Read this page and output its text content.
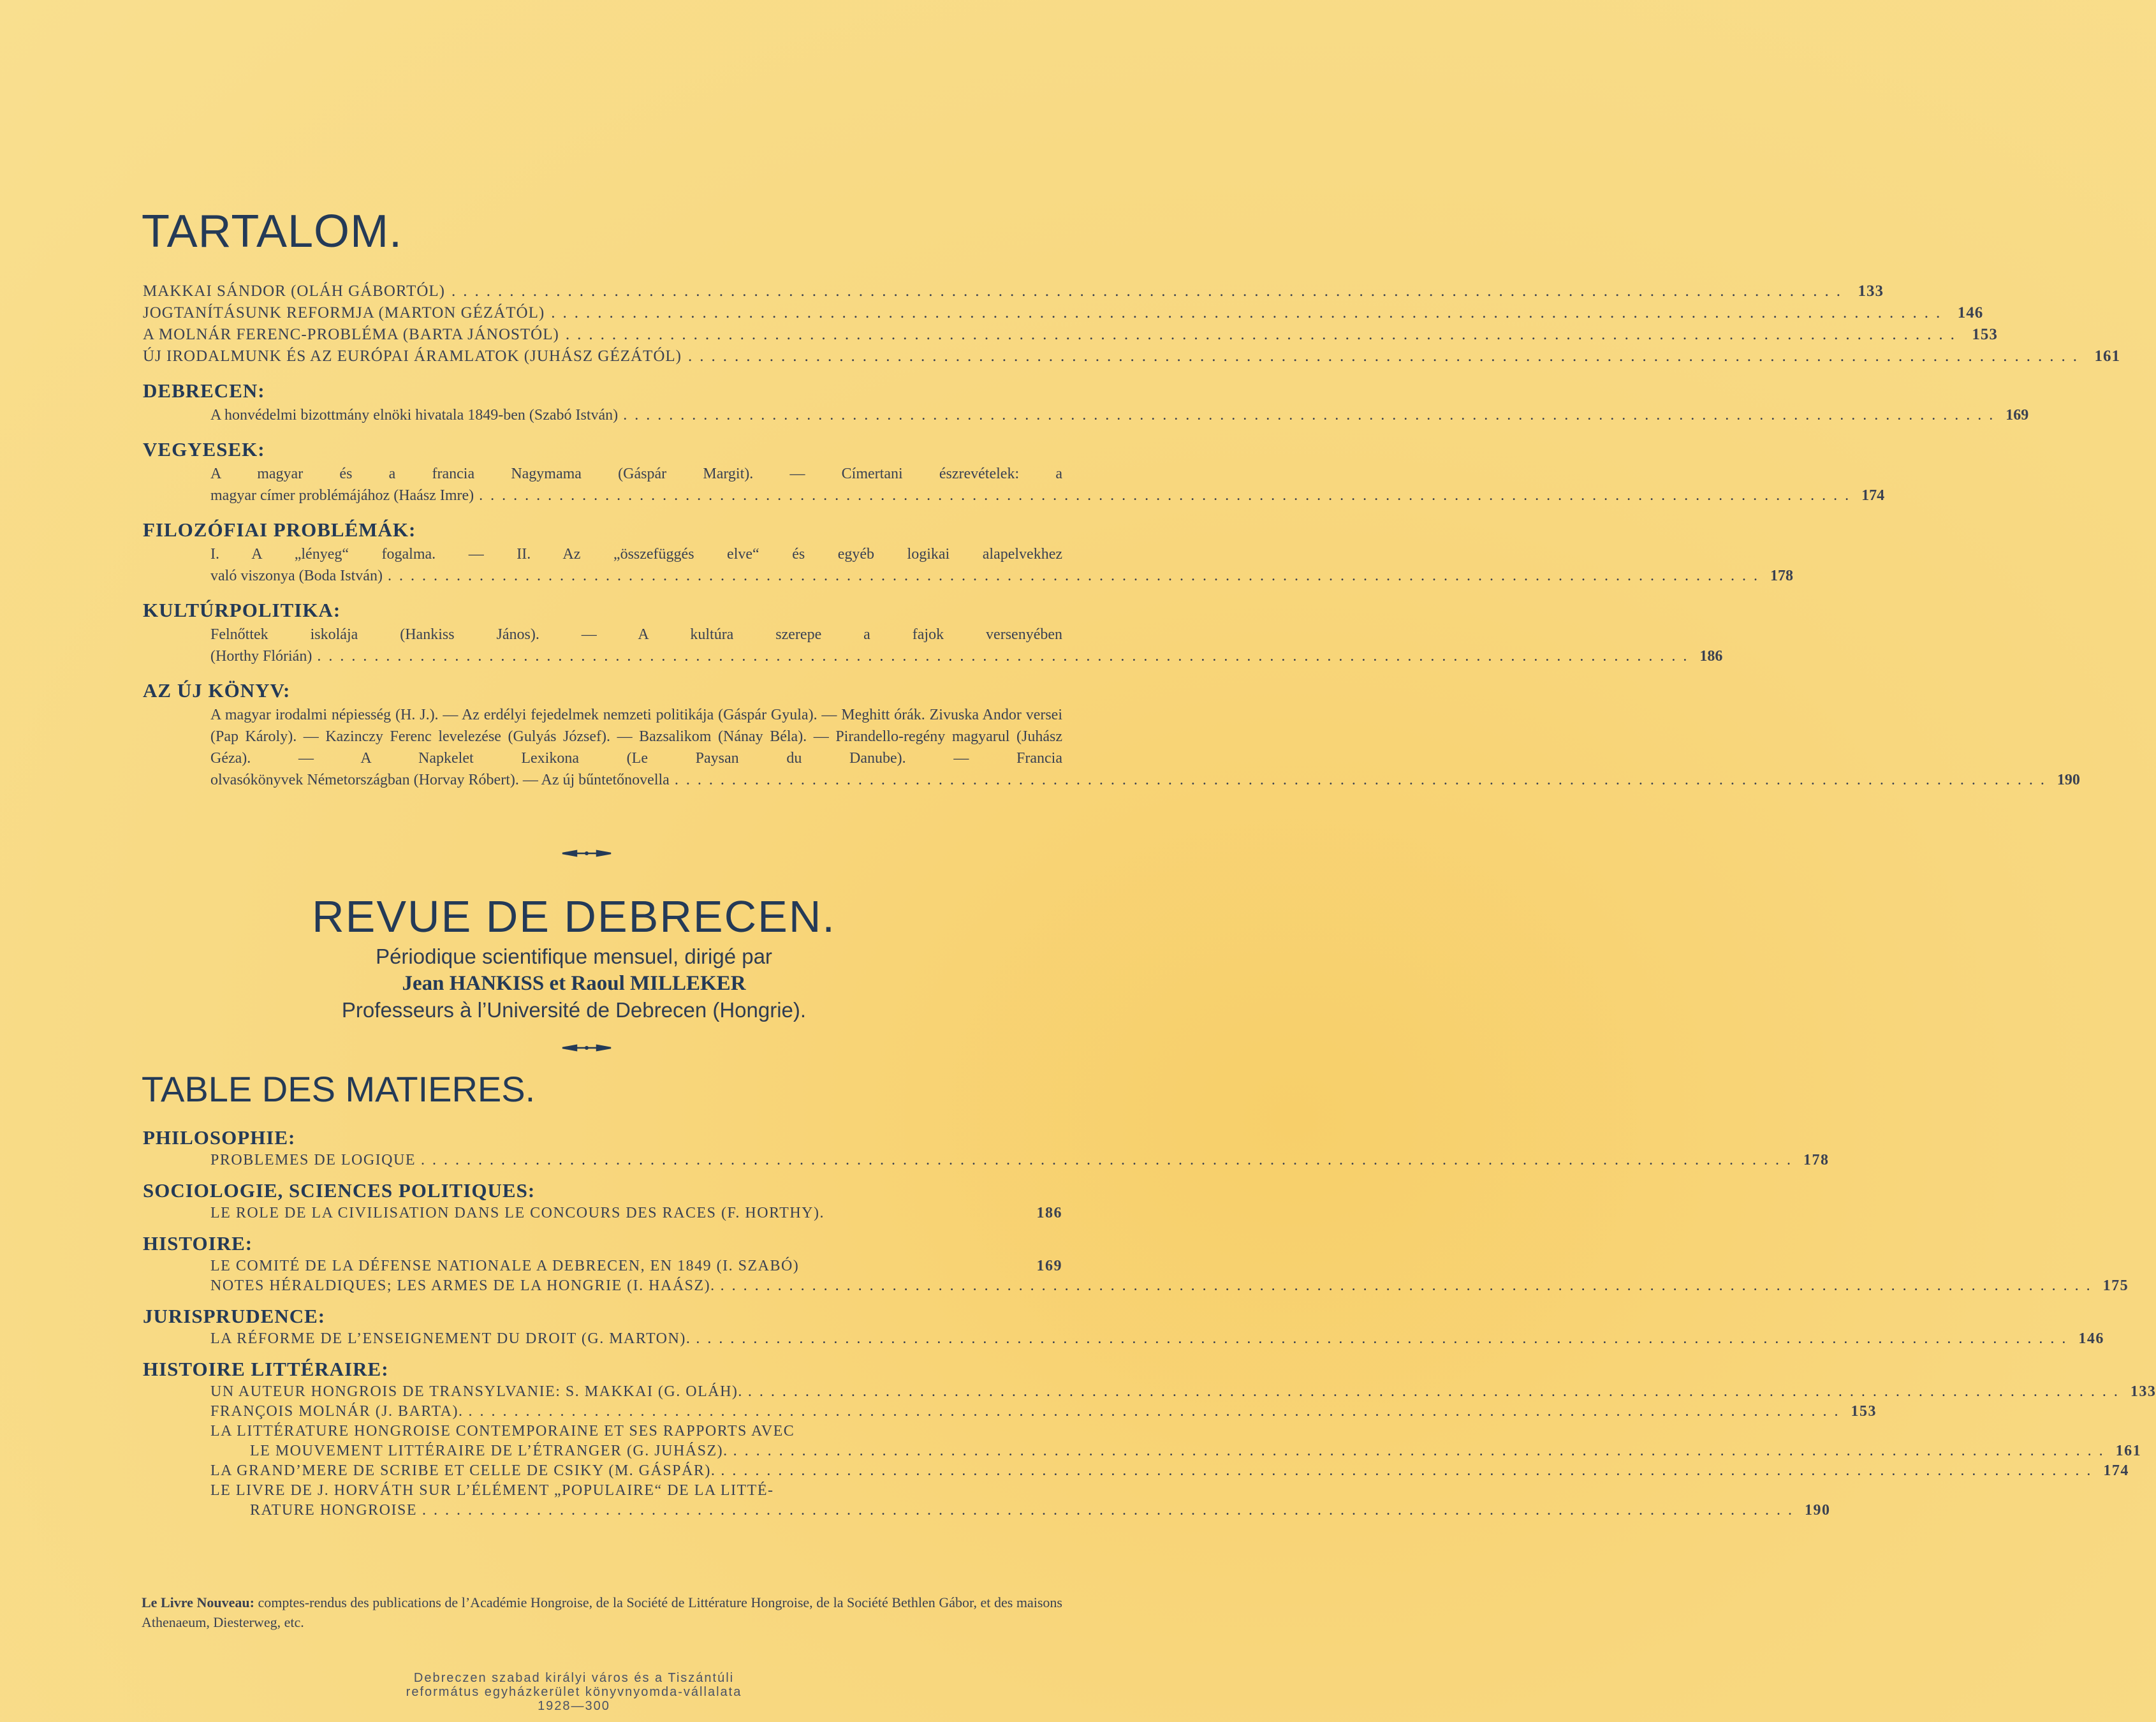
TARTALOM.
MAKKAI SÁNDOR (OLÁH GÁBORTÓL) ........................................................................................................................ 133
JOGTANÍTÁSUNK REFORMJA (MARTON GÉZÁTÓL) ........................................................................................................................ 146
A MOLNÁR FERENC-PROBLÉMA (BARTA JÁNOSTÓL) ........................................................................................................................ 153
ÚJ IRODALMUNK ÉS AZ EURÓPAI ÁRAMLATOK (JUHÁSZ GÉZÁTÓL) ........................................................................................................................ 161
DEBRECEN:
A honvédelmi bizottmány elnöki hivatala 1849-ben (Szabó István) ........................................................................................................................ 169
VEGYESEK:
A magyar és a francia Nagymama (Gáspár Margit). — Címertani észrevételek: a
magyar címer problémájához (Haász Imre) ........................................................................................................................ 174
FILOZÓFIAI PROBLÉMÁK:
I. A „lényeg“ fogalma. — II. Az „összefüggés elve“ és egyéb logikai alapelvekhez
való viszonya (Boda István) ........................................................................................................................ 178
KULTÚRPOLITIKA:
Felnőttek iskolája (Hankiss János). — A kultúra szerepe a fajok versenyében
(Horthy Flórián) ........................................................................................................................ 186
AZ ÚJ KÖNYV:
A magyar irodalmi népiesség (H. J.). — Az erdélyi fejedelmek nemzeti politikája (Gáspár Gyula). — Meghitt órák. Zivuska Andor versei (Pap Károly). — Kazinczy Ferenc levelezése (Gulyás József). — Bazsalikom (Nánay Béla). — Pirandello-regény magyarul (Juhász Géza). — A Napkelet Lexikona (Le Paysan du Danube). — Francia
olvasókönyvek Németországban (Horvay Róbert). — Az új bűntetőnovella ........................................................................................................................ 190
REVUE DE DEBRECEN.

Périodique scientifique mensuel, dirigé par

Jean HANKISS et Raoul MILLEKER

Professeurs à l’Université de Debrecen (Hongrie).

TABLE DES MATIERES.
PHILOSOPHIE:
PROBLEMES DE LOGIQUE ........................................................................................................................ 178
SOCIOLOGIE, SCIENCES POLITIQUES:
LE ROLE DE LA CIVILISATION DANS LE CONCOURS DES RACES (F. HORTHY).	186
HISTOIRE:
LE COMITÉ DE LA DÉFENSE NATIONALE A DEBRECEN, EN 1849 (I. SZABÓ)	169
NOTES HÉRALDIQUES; LES ARMES DE LA HONGRIE (I. HAÁSZ). ........................................................................................................................ 175
JURISPRUDENCE:
LA RÉFORME DE L’ENSEIGNEMENT DU DROIT (G. MARTON). ........................................................................................................................ 146
HISTOIRE LITTÉRAIRE:
UN AUTEUR HONGROIS DE TRANSYLVANIE: S. MAKKAI (G. OLÁH). ........................................................................................................................ 133
FRANÇOIS MOLNÁR (J. BARTA). ........................................................................................................................ 153
LA LITTÉRATURE HONGROISE CONTEMPORAINE ET SES RAPPORTS AVEC
LE MOUVEMENT LITTÉRAIRE DE L’ÉTRANGER (G. JUHÁSZ). ........................................................................................................................ 161
LA GRAND’MERE DE SCRIBE ET CELLE DE CSIKY (M. GÁSPÁR). ........................................................................................................................ 174
LE LIVRE DE J. HORVÁTH SUR L’ÉLÉMENT „POPULAIRE“ DE LA LITTÉ-
RATURE HONGROISE ........................................................................................................................ 190
Le Livre Nouveau: comptes-rendus des publications de l’Académie Hongroise, de la Société de Littérature Hongroise, de la Société Bethlen Gábor, et des maisons Athenaeum, Diesterweg, etc.
Debreczen szabad királyi város és a Tiszántúli
református egyházkerület könyvnyomda-vállalata
1928—300
